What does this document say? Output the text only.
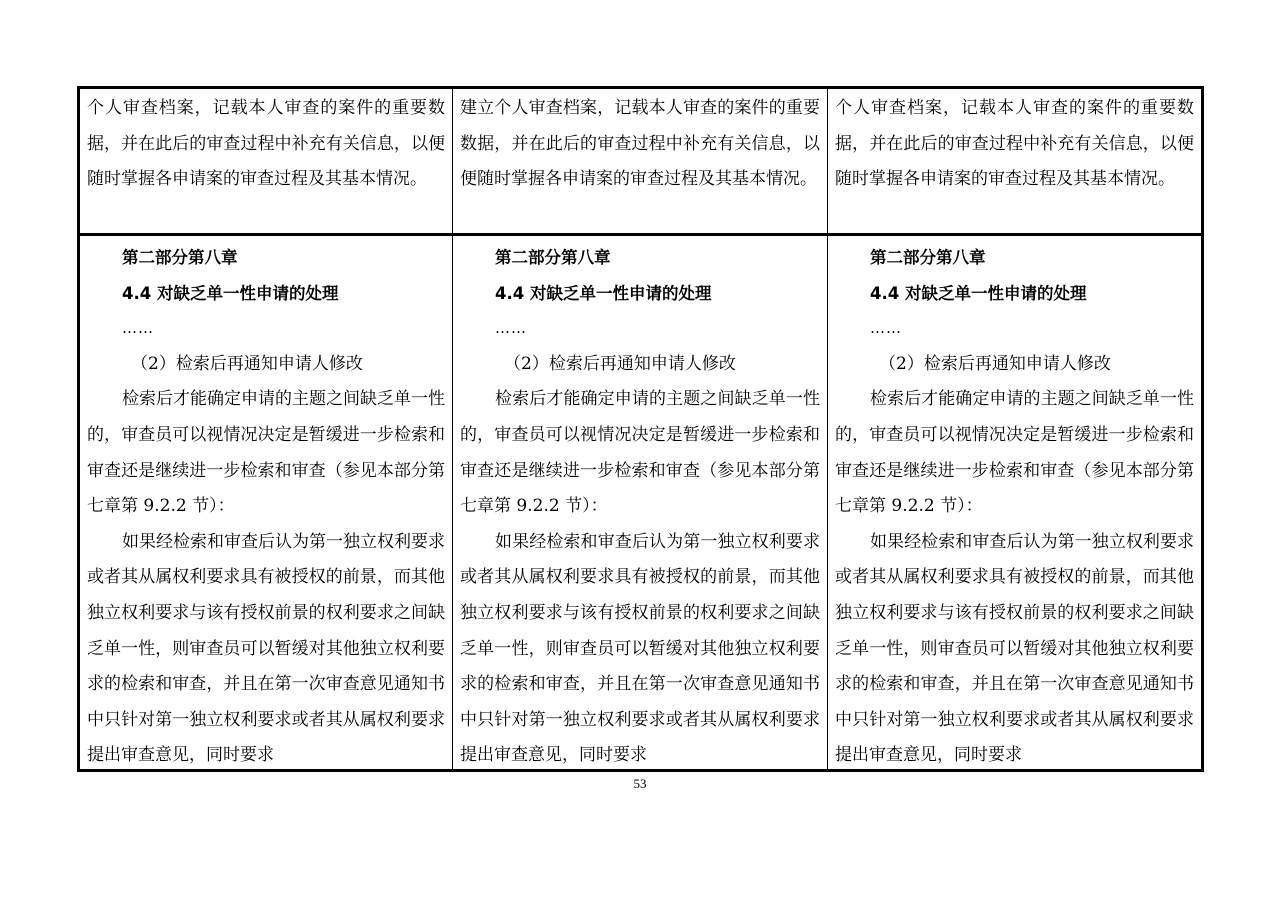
个人审查档案，记载本人审查的案件的重要数据，并在此后的审查过程中补充有关信息，以便随时掌握各申请案的审查过程及其基本情况。

建立个人审查档案，记载本人审查的案件的重要数据，并在此后的审查过程中补充有关信息，以便随时掌握各申请案的审查过程及其基本情况。

个人审查档案，记载本人审查的案件的重要数据，并在此后的审查过程中补充有关信息，以便随时掌握各申请案的审查过程及其基本情况。

第二部分第八章

4.4 对缺乏单一性申请的处理

……

（2）检索后再通知申请人修改

检索后才能确定申请的主题之间缺乏单一性的，审查员可以视情况决定是暂缓进一步检索和审查还是继续进一步检索和审查（参见本部分第七章第 9.2.2 节）：

如果经检索和审查后认为第一独立权利要求或者其从属权利要求具有被授权的前景，而其他独立权利要求与该有授权前景的权利要求之间缺乏单一性，则审查员可以暂缓对其他独立权利要求的检索和审查，并且在第一次审查意见通知书中只针对第一独立权利要求或者其从属权利要求提出审查意见，同时要求

第二部分第八章

4.4 对缺乏单一性申请的处理

……

（2）检索后再通知申请人修改

检索后才能确定申请的主题之间缺乏单一性的，审查员可以视情况决定是暂缓进一步检索和审查还是继续进一步检索和审查（参见本部分第七章第 9.2.2 节）：

如果经检索和审查后认为第一独立权利要求或者其从属权利要求具有被授权的前景，而其他独立权利要求与该有授权前景的权利要求之间缺乏单一性，则审查员可以暂缓对其他独立权利要求的检索和审查，并且在第一次审查意见通知书中只针对第一独立权利要求或者其从属权利要求提出审查意见，同时要求

第二部分第八章

4.4 对缺乏单一性申请的处理

……

（2）检索后再通知申请人修改

检索后才能确定申请的主题之间缺乏单一性的，审查员可以视情况决定是暂缓进一步检索和审查还是继续进一步检索和审查（参见本部分第七章第 9.2.2 节）：

如果经检索和审查后认为第一独立权利要求或者其从属权利要求具有被授权的前景，而其他独立权利要求与该有授权前景的权利要求之间缺乏单一性，则审查员可以暂缓对其他独立权利要求的检索和审查，并且在第一次审查意见通知书中只针对第一独立权利要求或者其从属权利要求提出审查意见，同时要求

53
